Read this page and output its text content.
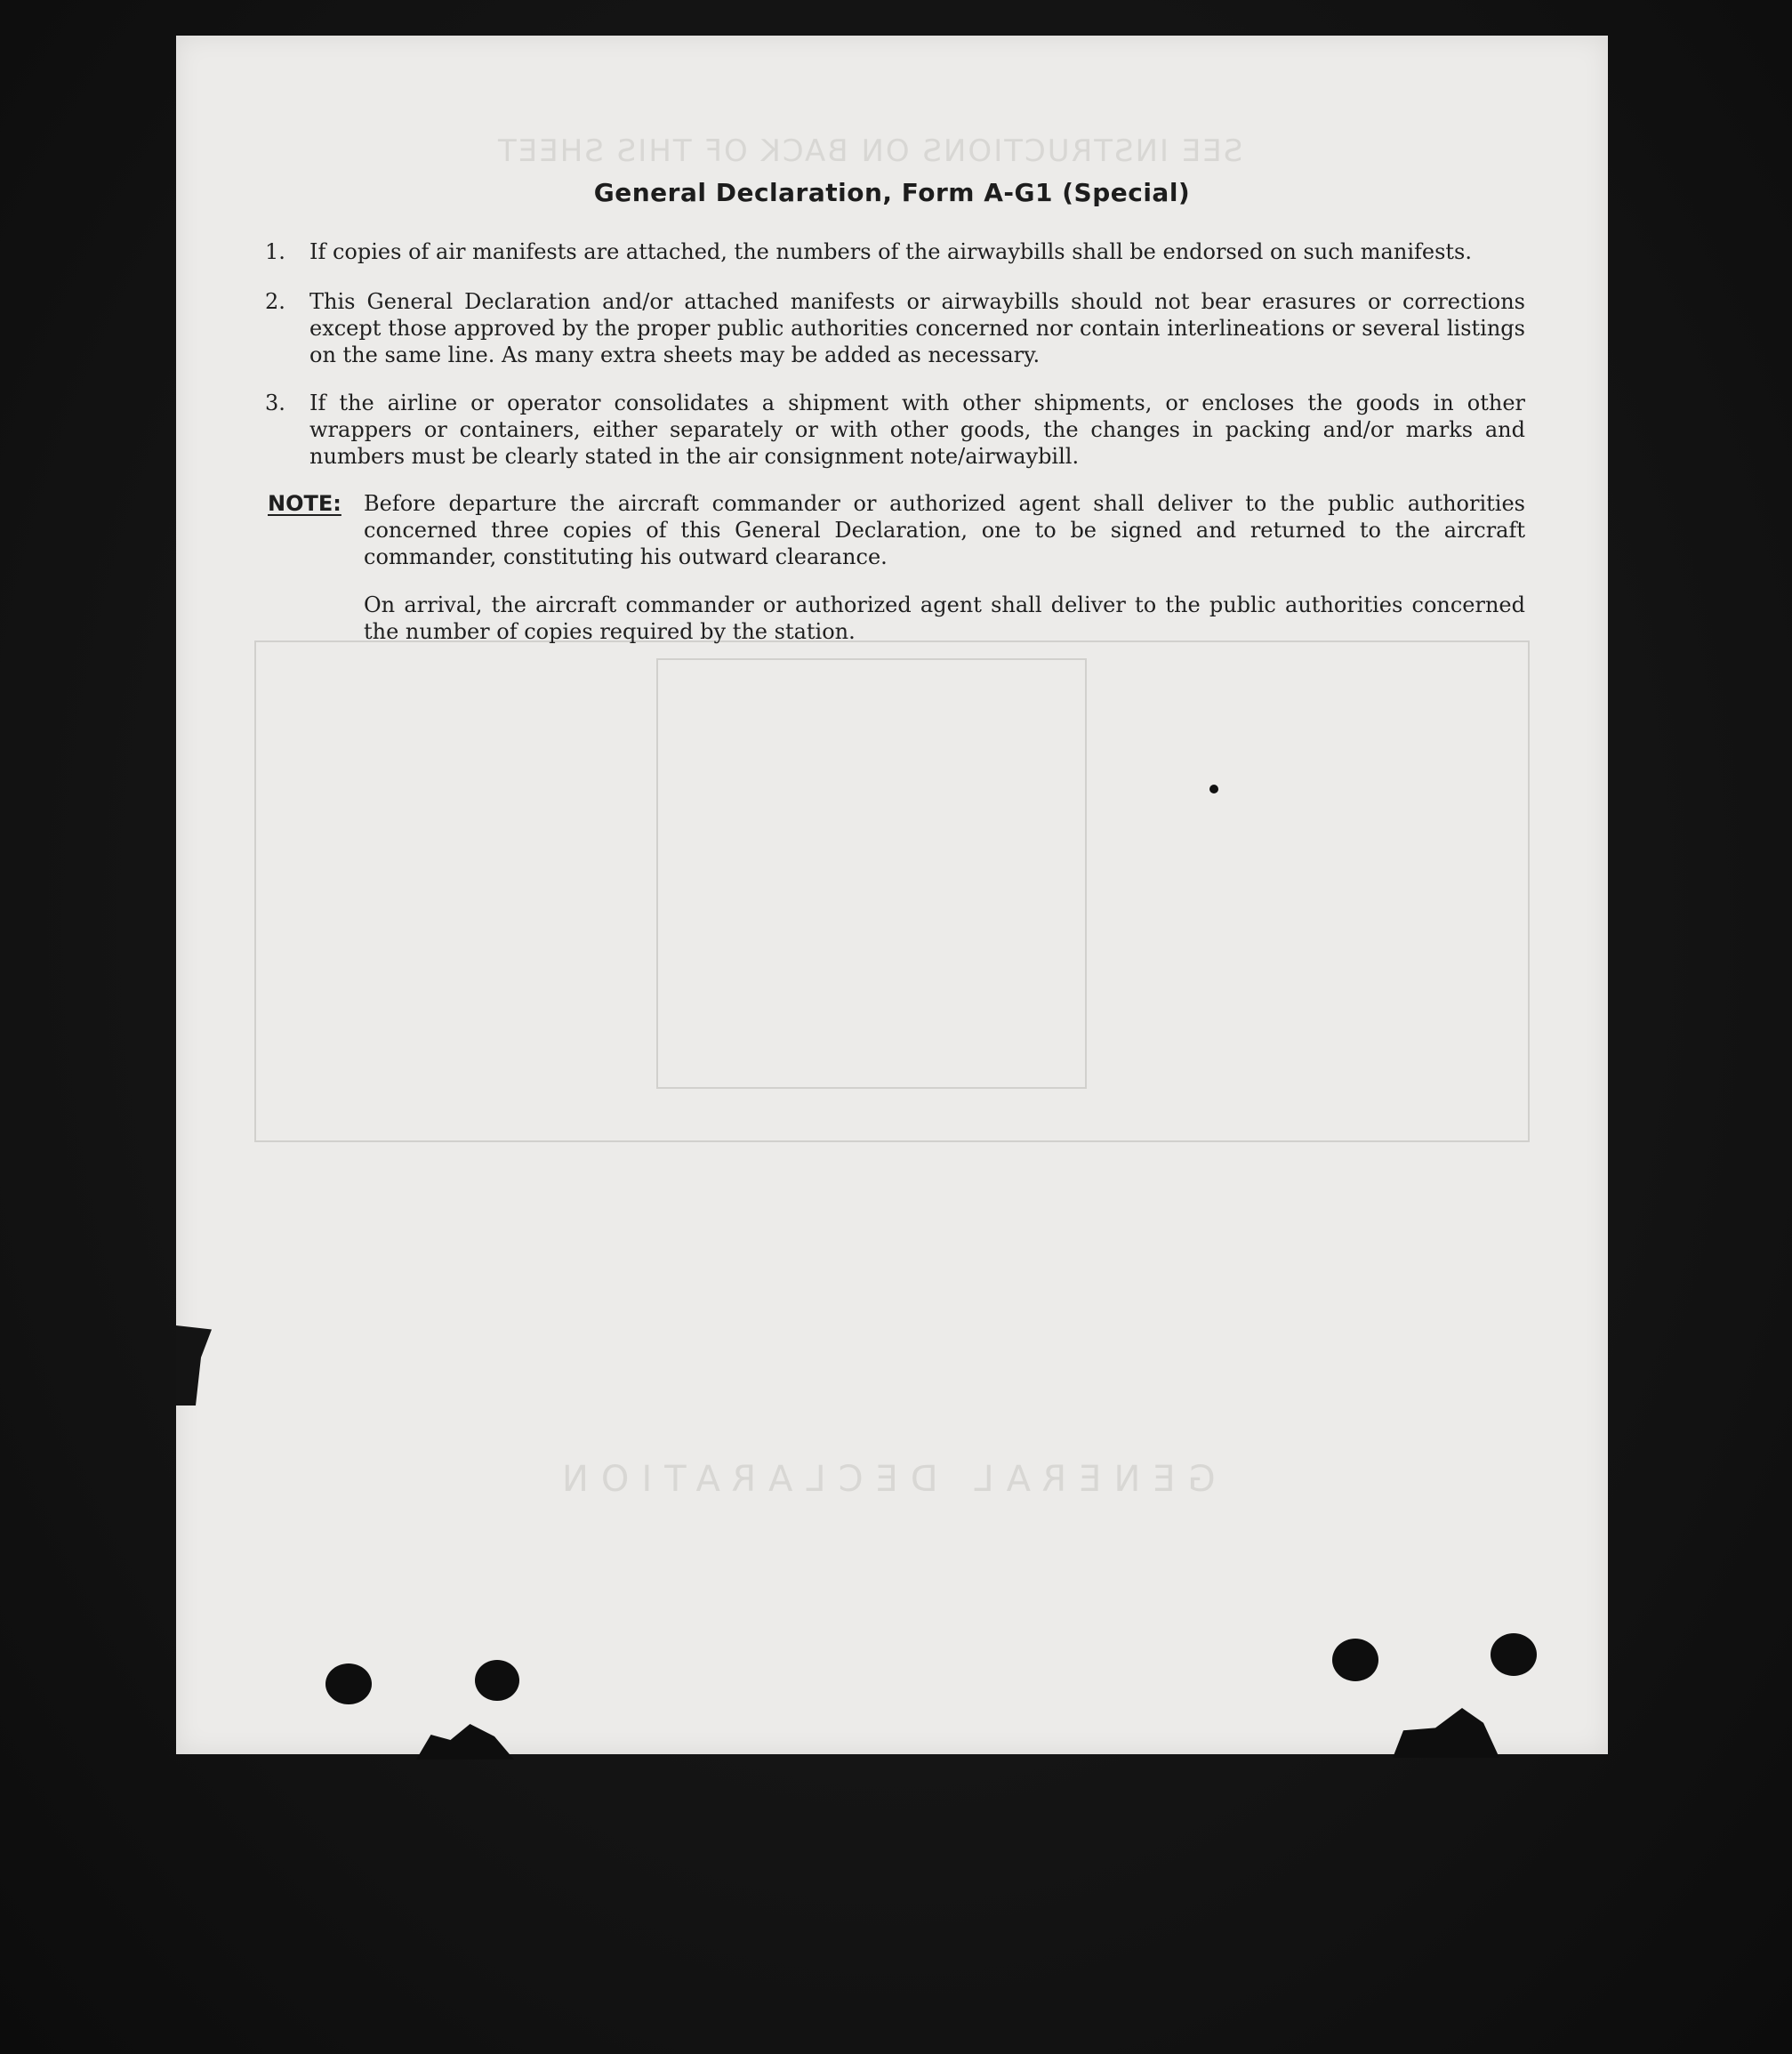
SEE INSTRUCTIONS ON BACK OF THIS SHEET
GENERAL DECLARATION
General Declaration, Form A-G1 (Special)
1.	If copies of air manifests are attached, the numbers of the airwaybills shall be endorsed on such manifests.
2.	This General Declaration and/or attached manifests or airwaybills should not bear erasures or corrections except those approved by the proper public authorities concerned nor contain interlineations or several listings on the same line. As many extra sheets may be added as necessary.
3.	If the airline or operator consolidates a shipment with other shipments, or encloses the goods in other wrappers or containers, either separately or with other goods, the changes in packing and/or marks and numbers must be clearly stated in the air consignment note/airwaybill.
NOTE: Before departure the aircraft commander or authorized agent shall deliver to the public authorities concerned three copies of this General Declaration, one to be signed and returned to the aircraft commander, constituting his outward clearance.
On arrival, the aircraft commander or authorized agent shall deliver to the public authorities concerned the number of copies required by the station.
